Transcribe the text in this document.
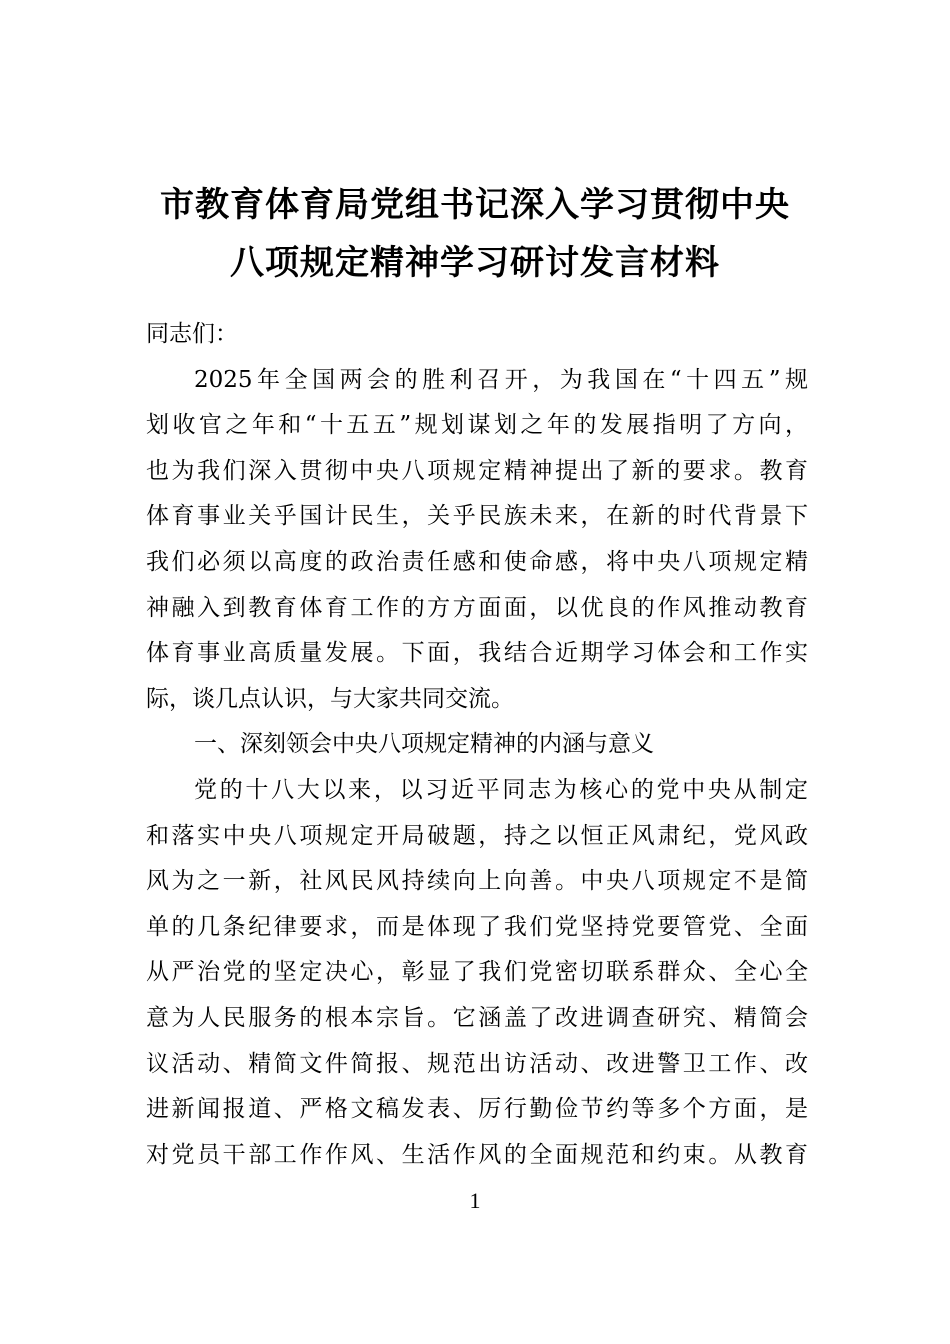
市教育体育局党组书记深入学习贯彻中央
八项规定精神学习研讨发言材料
同志们：
2025年全国两会的胜利召开，为我国在“十四五”规
划收官之年和“十五五”规划谋划之年的发展指明了方向，
也为我们深入贯彻中央八项规定精神提出了新的要求。教育
体育事业关乎国计民生，关乎民族未来，在新的时代背景下
我们必须以高度的政治责任感和使命感，将中央八项规定精
神融入到教育体育工作的方方面面，以优良的作风推动教育
体育事业高质量发展。下面，我结合近期学习体会和工作实
际，谈几点认识，与大家共同交流。
一、深刻领会中央八项规定精神的内涵与意义
党的十八大以来，以习近平同志为核心的党中央从制定
和落实中央八项规定开局破题，持之以恒正风肃纪，党风政
风为之一新，社风民风持续向上向善。中央八项规定不是简
单的几条纪律要求，而是体现了我们党坚持党要管党、全面
从严治党的坚定决心，彰显了我们党密切联系群众、全心全
意为人民服务的根本宗旨。它涵盖了改进调查研究、精简会
议活动、精简文件简报、规范出访活动、改进警卫工作、改
进新闻报道、严格文稿发表、厉行勤俭节约等多个方面，是
对党员干部工作作风、生活作风的全面规范和约束。从教育
1
